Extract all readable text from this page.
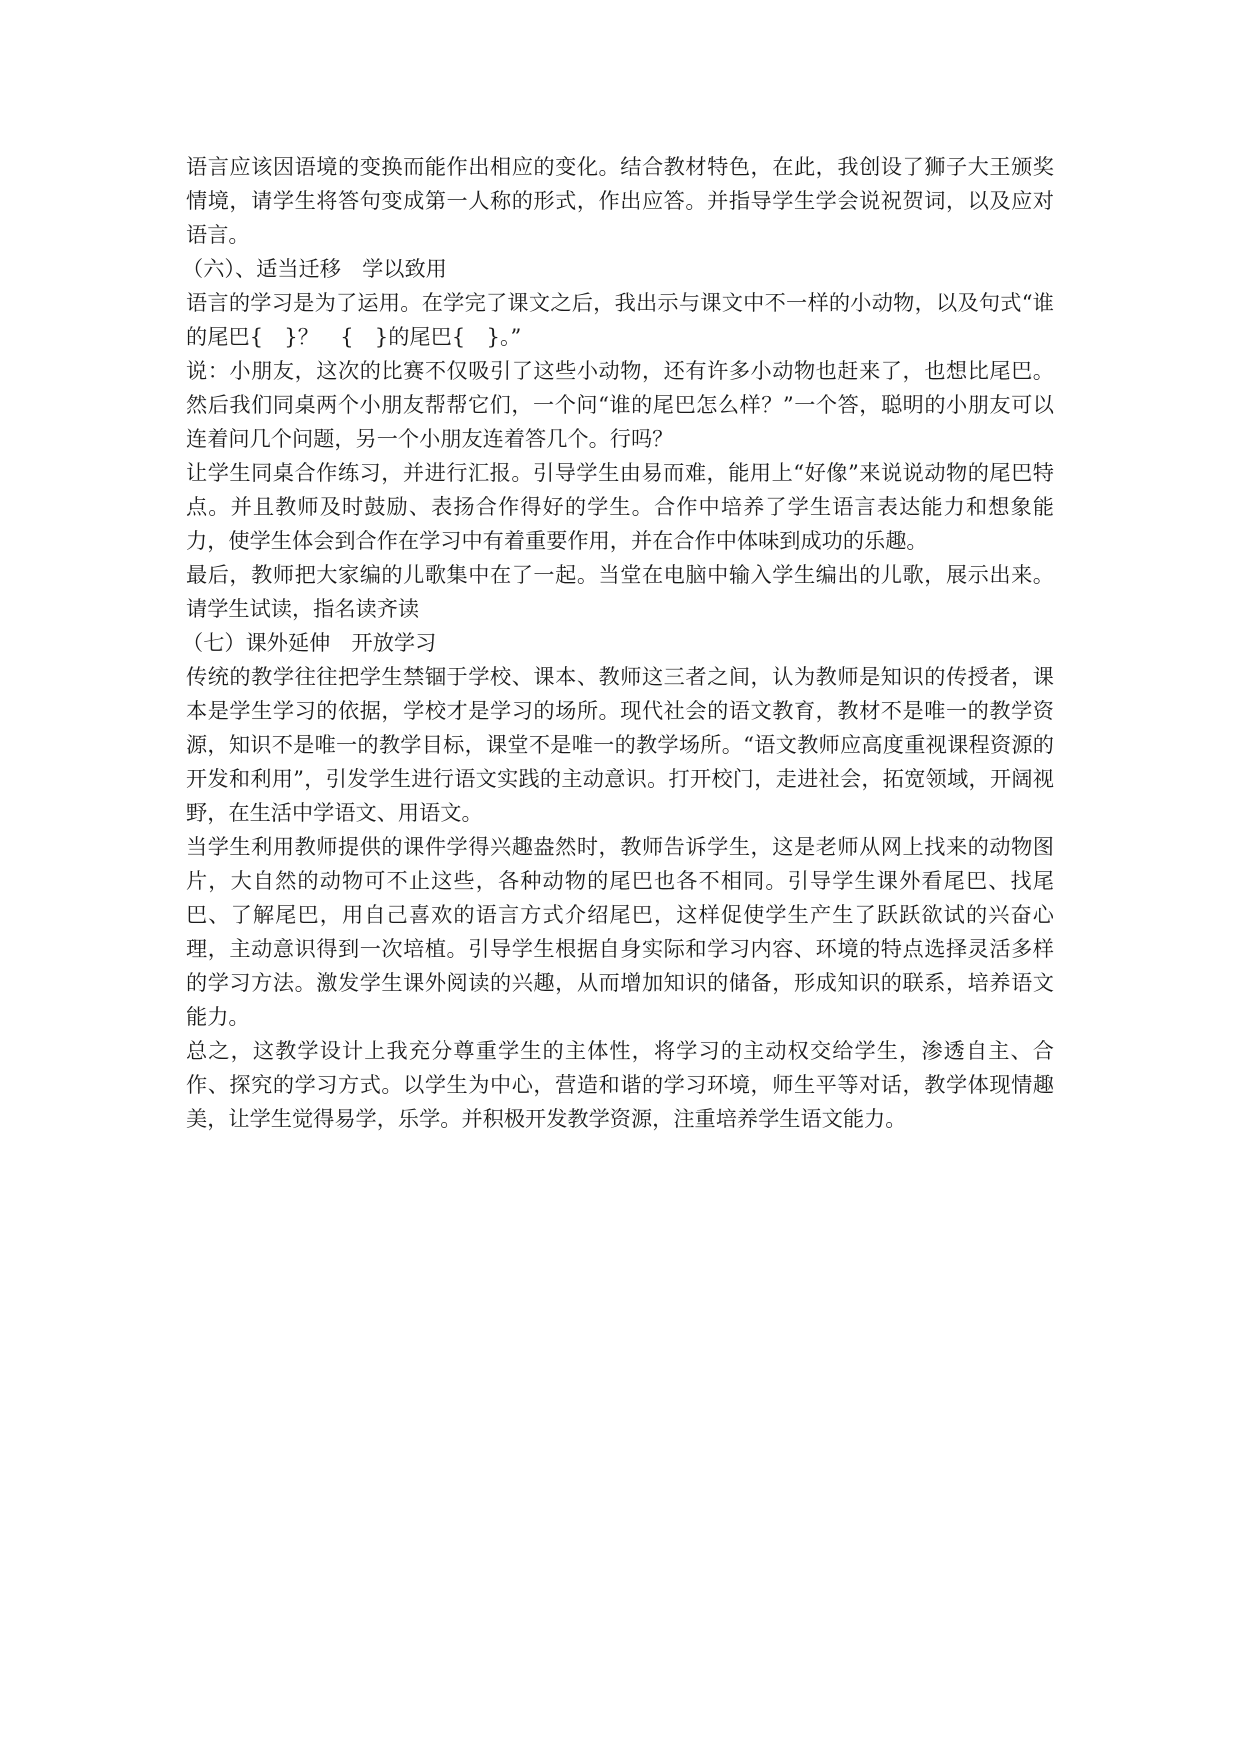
语言应该因语境的变换而能作出相应的变化。结合教材特色，在此，我创设了狮子大王颁奖情境，请学生将答句变成第一人称的形式，作出应答。并指导学生学会说祝贺词，以及应对语言。

（六）、适当迁移　学以致用

语言的学习是为了运用。在学完了课文之后，我出示与课文中不一样的小动物，以及句式“谁的尾巴{　}？　{　}的尾巴{　}。”

说：小朋友，这次的比赛不仅吸引了这些小动物，还有许多小动物也赶来了，也想比尾巴。然后我们同桌两个小朋友帮帮它们，一个问“谁的尾巴怎么样？”一个答，聪明的小朋友可以连着问几个问题，另一个小朋友连着答几个。行吗？

让学生同桌合作练习，并进行汇报。引导学生由易而难，能用上“好像”来说说动物的尾巴特点。并且教师及时鼓励、表扬合作得好的学生。合作中培养了学生语言表达能力和想象能力，使学生体会到合作在学习中有着重要作用，并在合作中体味到成功的乐趣。

最后，教师把大家编的儿歌集中在了一起。当堂在电脑中输入学生编出的儿歌，展示出来。请学生试读，指名读齐读

（七）课外延伸　开放学习

传统的教学往往把学生禁锢于学校、课本、教师这三者之间，认为教师是知识的传授者，课本是学生学习的依据，学校才是学习的场所。现代社会的语文教育，教材不是唯一的教学资源，知识不是唯一的教学目标，课堂不是唯一的教学场所。“语文教师应高度重视课程资源的开发和利用”，引发学生进行语文实践的主动意识。打开校门，走进社会，拓宽领域，开阔视野，在生活中学语文、用语文。

当学生利用教师提供的课件学得兴趣盎然时，教师告诉学生，这是老师从网上找来的动物图片，大自然的动物可不止这些，各种动物的尾巴也各不相同。引导学生课外看尾巴、找尾巴、了解尾巴，用自己喜欢的语言方式介绍尾巴，这样促使学生产生了跃跃欲试的兴奋心理，主动意识得到一次培植。引导学生根据自身实际和学习内容、环境的特点选择灵活多样的学习方法。激发学生课外阅读的兴趣，从而增加知识的储备，形成知识的联系，培养语文能力。

总之，这教学设计上我充分尊重学生的主体性，将学习的主动权交给学生，渗透自主、合作、探究的学习方式。以学生为中心，营造和谐的学习环境，师生平等对话，教学体现情趣美，让学生觉得易学，乐学。并积极开发教学资源，注重培养学生语文能力。
